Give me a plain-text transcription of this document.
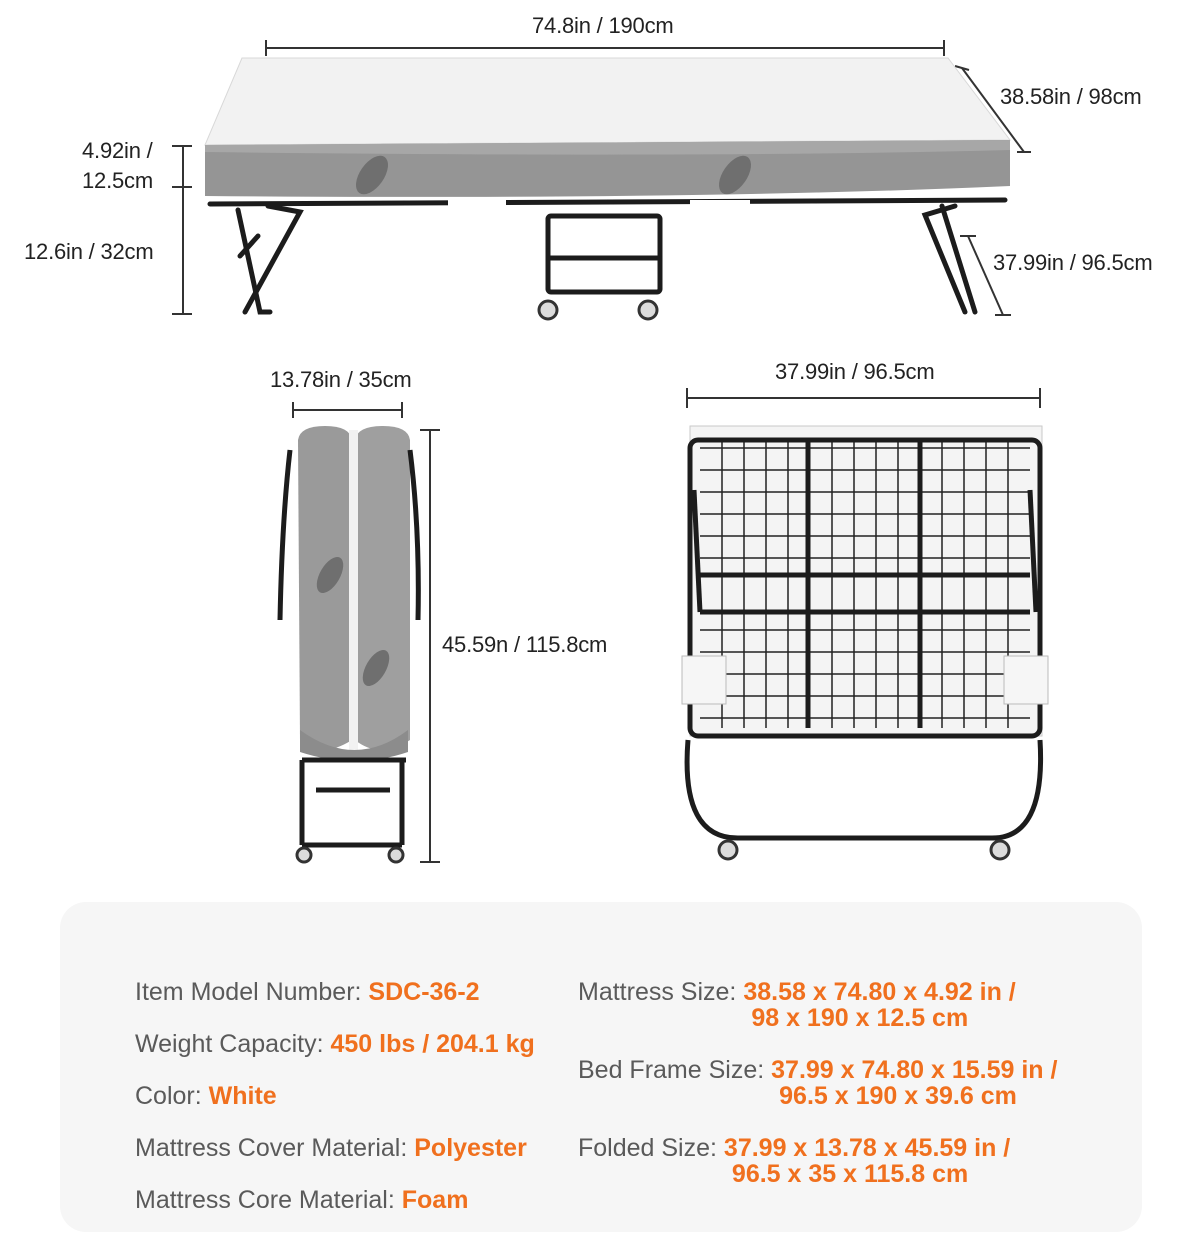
74.8in / 190cm
38.58in / 98cm
4.92in /
12.5cm
12.6in / 32cm	37.99in / 96.5cm
13.78in / 35cm
45.59n / 115.8cm
37.99in / 96.5cm
Item Model Number: SDC-36-2
Weight Capacity: 450 lbs / 204.1 kg
Color: White
Mattress Cover Material: Polyester
Mattress Core Material: Foam
Mattress Size: 38.58 x 74.80 x 4.92 in /
98 x 190 x 12.5 cm
Bed Frame Size: 37.99 x 74.80 x 15.59 in /
96.5 x 190 x 39.6 cm
Folded Size: 37.99 x 13.78 x 45.59 in /
96.5 x 35 x 115.8 cm
